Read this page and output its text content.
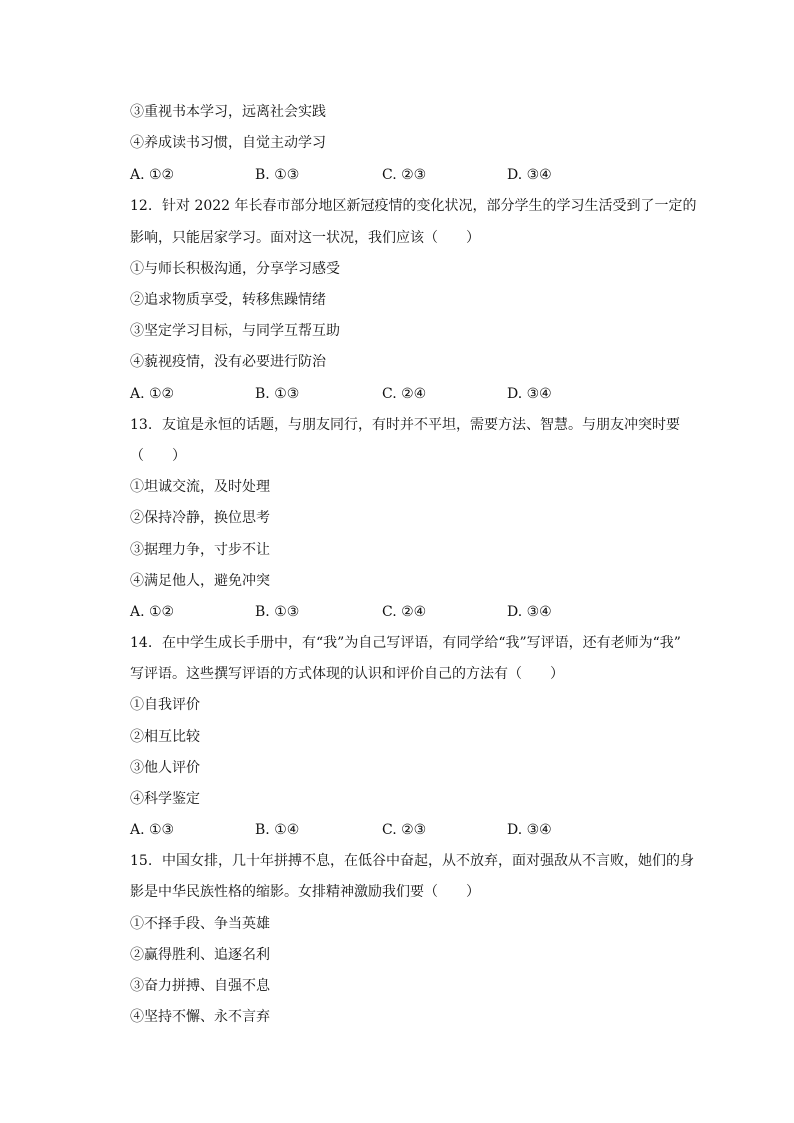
③重视书本学习，远离社会实践
④养成读书习惯，自觉主动学习
A. ①②	B. ①③	C. ②③	D. ③④
12. 针对 2022 年长春市部分地区新冠疫情的变化状况，部分学生的学习生活受到了一定的
影响，只能居家学习。面对这一状况，我们应该（　　）
①与师长积极沟通，分享学习感受
②追求物质享受，转移焦躁情绪
③坚定学习目标，与同学互帮互助
④藐视疫情，没有必要进行防治
A. ①②	B. ①③	C. ②④	D. ③④
13. 友谊是永恒的话题，与朋友同行，有时并不平坦，需要方法、智慧。与朋友冲突时要
（　　）
①坦诚交流，及时处理
②保持冷静，换位思考
③据理力争，寸步不让
④满足他人，避免冲突
A. ①②	B. ①③	C. ②④	D. ③④
14. 在中学生成长手册中，有“我”为自己写评语，有同学给“我”写评语，还有老师为“我”
写评语。这些撰写评语的方式体现的认识和评价自己的方法有（　　）
①自我评价
②相互比较
③他人评价
④科学鉴定
A. ①③	B. ①④	C. ②③	D. ③④
15. 中国女排，几十年拼搏不息，在低谷中奋起，从不放弃，面对强敌从不言败，她们的身
影是中华民族性格的缩影。女排精神激励我们要（　　）
①不择手段、争当英雄
②赢得胜利、追逐名利
③奋力拼搏、自强不息
④坚持不懈、永不言弃
